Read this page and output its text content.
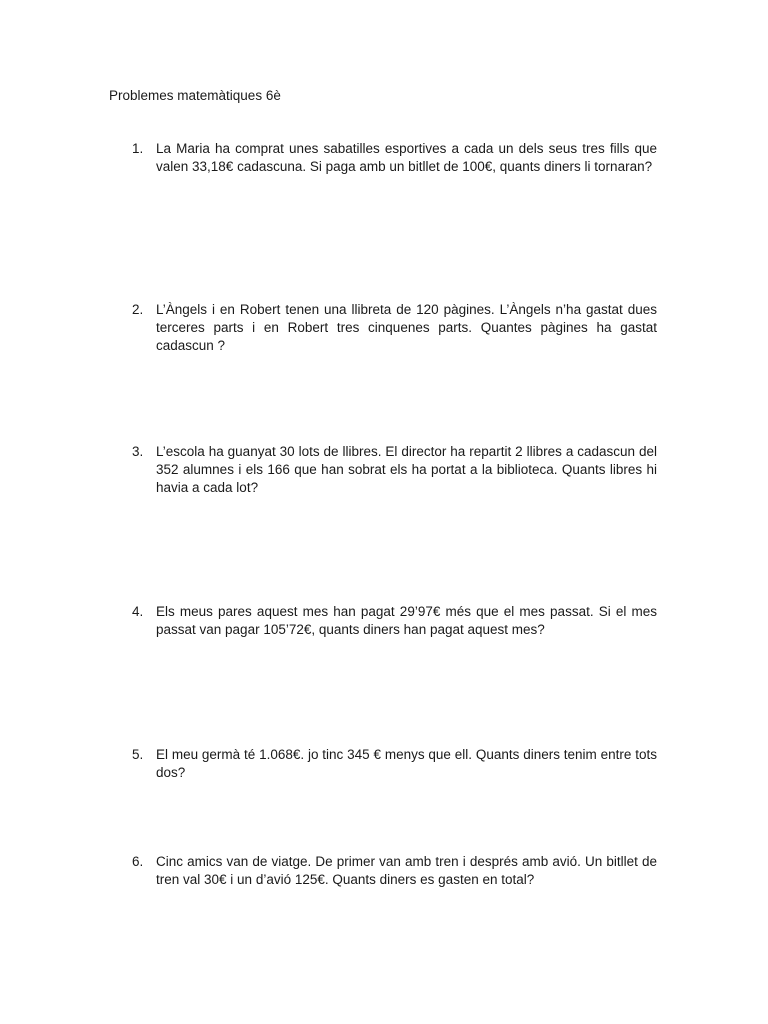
Problemes matemàtiques 6è
1. La Maria ha comprat unes sabatilles esportives a cada un dels seus tres fills que valen 33,18€ cadascuna. Si paga amb un bitllet de 100€, quants diners li tornaran?
2. L’Àngels i en Robert tenen una llibreta de 120 pàgines. L’Àngels n’ha gastat dues terceres parts i en Robert tres cinquenes parts. Quantes pàgines ha gastat cadascun ?
3. L’escola ha guanyat 30 lots de llibres. El director ha repartit 2 llibres a cadascun del 352 alumnes i els 166 que han sobrat els ha portat a la biblioteca. Quants libres hi havia a cada lot?
4. Els meus pares aquest mes han pagat 29’97€ més que el mes passat. Si el mes passat van pagar 105’72€, quants diners han pagat aquest mes?
5. El meu germà té 1.068€. jo tinc 345 € menys que ell. Quants diners tenim entre tots dos?
6. Cinc amics van de viatge. De primer van amb tren i després amb avió. Un bitllet de tren val 30€ i un d’avió 125€. Quants diners es gasten en total?
